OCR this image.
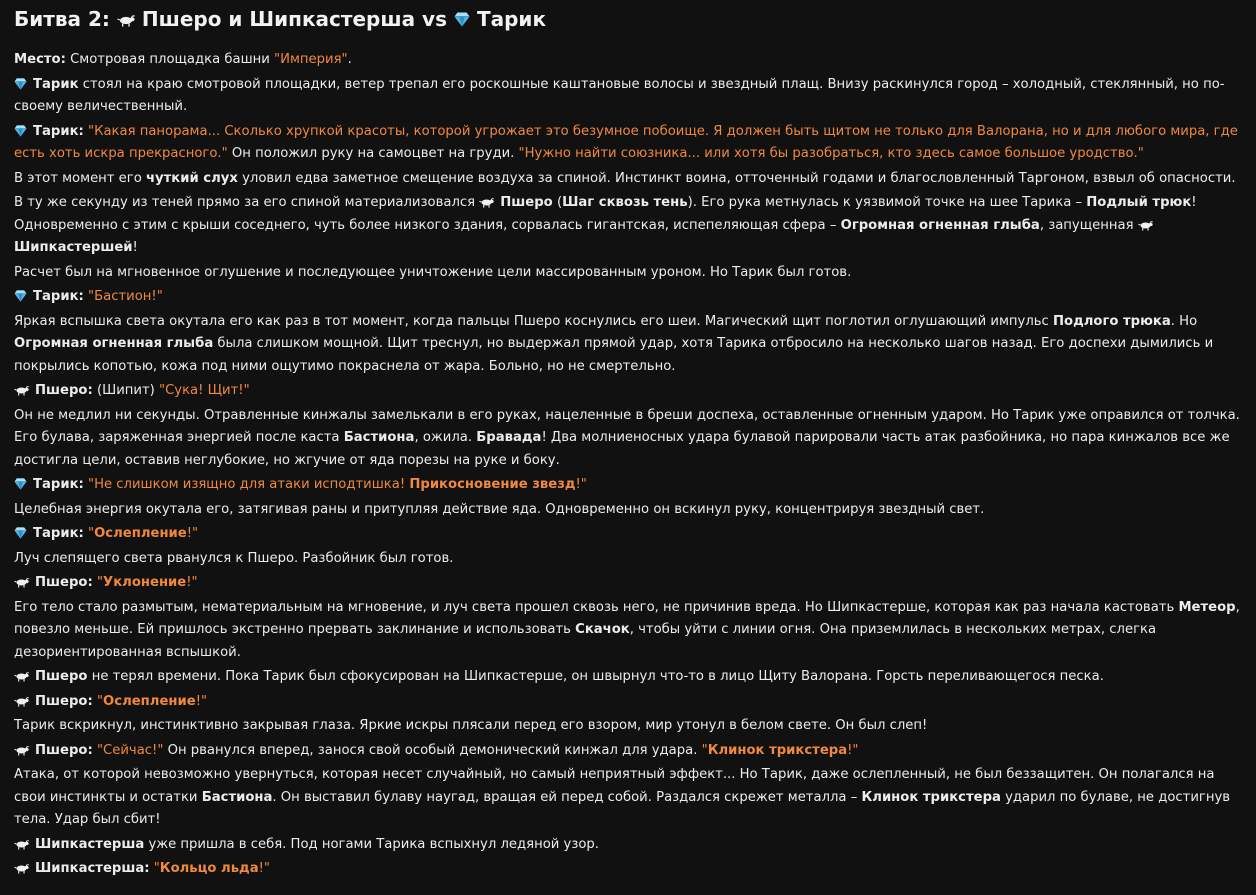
Битва 2: Пшеро и Шипкастерша vs Тарик

Место: Смотровая площадка башни "Империя".

Тарик стоял на краю смотровой площадки, ветер трепал его роскошные каштановые волосы и звездный плащ. Внизу раскинулся город – холодный, стеклянный, но по-своему величественный.

Тарик: "Какая панорама... Сколько хрупкой красоты, которой угрожает это безумное побоище. Я должен быть щитом не только для Валорана, но и для любого мира, где есть хоть искра прекрасного." Он положил руку на самоцвет на груди. "Нужно найти союзника... или хотя бы разобраться, кто здесь самое большое уродство."

В этот момент его чуткий слух уловил едва заметное смещение воздуха за спиной. Инстинкт воина, отточенный годами и благословленный Таргоном, взвыл об опасности.

В ту же секунду из теней прямо за его спиной материализовался
Пшеро (Шаг сквозь тень). Его рука метнулась к уязвимой точке на шее Тарика – Подлый трюк! Одновременно с этим с крыши соседнего, чуть более низкого здания, сорвалась гигантская, испепеляющая сфера – Огромная огненная глыба, запущенная
Шипкастершей!

Расчет был на мгновенное оглушение и последующее уничтожение цели массированным уроном. Но Тарик был готов.

Тарик: "Бастион!"

Яркая вспышка света окутала его как раз в тот момент, когда пальцы Пшеро коснулись его шеи. Магический щит поглотил оглушающий импульс Подлого трюка. Но Огромная огненная глыба была слишком мощной. Щит треснул, но выдержал прямой удар, хотя Тарика отбросило на несколько шагов назад. Его доспехи дымились и покрылись копотью, кожа под ними ощутимо покраснела от жара. Больно, но не смертельно.

Пшеро: (Шипит) "Сука! Щит!"

Он не медлил ни секунды. Отравленные кинжалы замелькали в его руках, нацеленные в бреши доспеха, оставленные огненным ударом. Но Тарик уже оправился от толчка. Его булава, заряженная энергией после каста Бастиона, ожила. Бравада! Два молниеносных удара булавой парировали часть атак разбойника, но пара кинжалов все же достигла цели, оставив неглубокие, но жгучие от яда порезы на руке и боку.

Тарик: "Не слишком изящно для атаки исподтишка! Прикосновение звезд!"

Целебная энергия окутала его, затягивая раны и притупляя действие яда. Одновременно он вскинул руку, концентрируя звездный свет.

Тарик: "Ослепление!"

Луч слепящего света рванулся к Пшеро. Разбойник был готов.

Пшеро: "Уклонение!"

Его тело стало размытым, нематериальным на мгновение, и луч света прошел сквозь него, не причинив вреда. Но Шипкастерше, которая как раз начала кастовать Метеор, повезло меньше. Ей пришлось экстренно прервать заклинание и использовать Скачок, чтобы уйти с линии огня. Она приземлилась в нескольких метрах, слегка дезориентированная вспышкой.

Пшеро не терял времени. Пока Тарик был сфокусирован на Шипкастерше, он швырнул что-то в лицо Щиту Валорана. Горсть переливающегося песка.

Пшеро: "Ослепление!"

Тарик вскрикнул, инстинктивно закрывая глаза. Яркие искры плясали перед его взором, мир утонул в белом свете. Он был слеп!

Пшеро: "Сейчас!" Он рванулся вперед, занося свой особый демонический кинжал для удара. "Клинок трикстера!"

Атака, от которой невозможно увернуться, которая несет случайный, но самый неприятный эффект... Но Тарик, даже ослепленный, не был беззащитен. Он полагался на свои инстинкты и остатки Бастиона. Он выставил булаву наугад, вращая ей перед собой. Раздался скрежет металла – Клинок трикстера ударил по булаве, не достигнув тела. Удар был сбит!

Шипкастерша уже пришла в себя. Под ногами Тарика вспыхнул ледяной узор.

Шипкастерша: "Кольцо льда!"
